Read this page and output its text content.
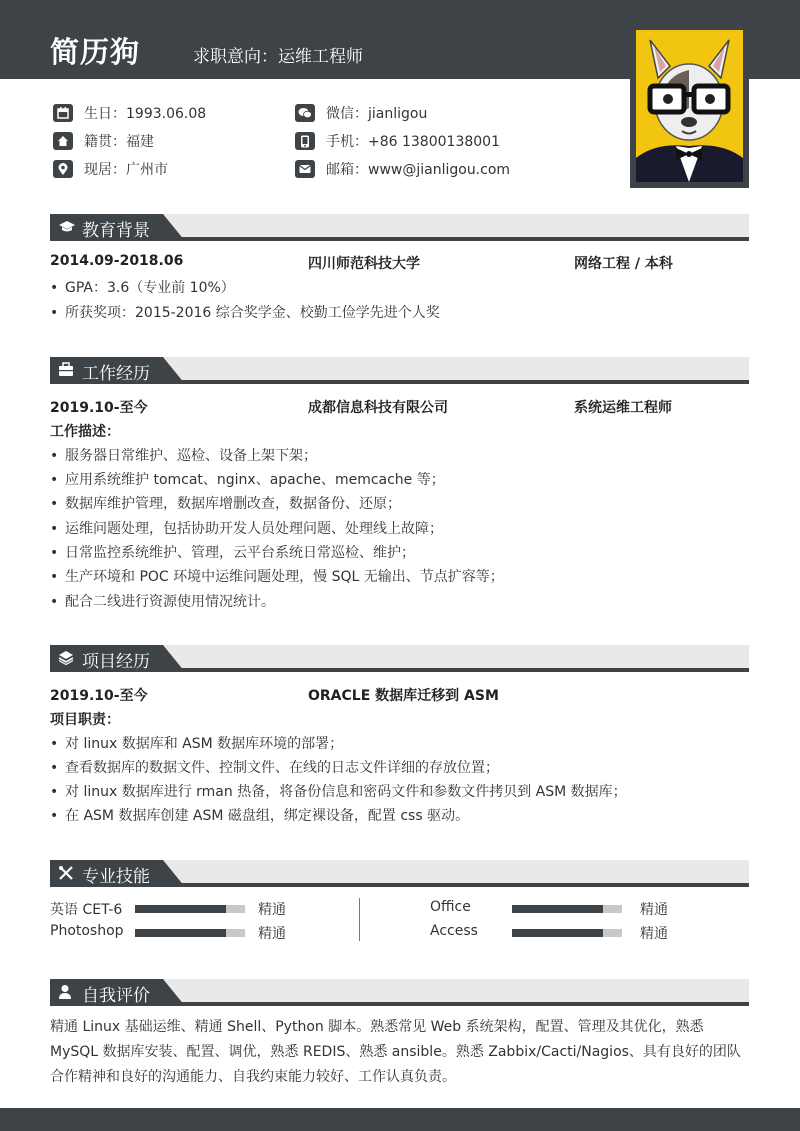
简历狗	求职意向：运维工程师
生日：1993.06.08
籍贯：福建
现居：广州市
微信：jianligou
手机：+86 13800138001
邮箱：www@jianligou.com
教育背景
2014.09-2018.06	四川师范科技大学	网络工程 / 本科
• GPA：3.6（专业前 10%）
• 所获奖项：2015-2016 综合奖学金、校勤工俭学先进个人奖
工作经历
2019.10-至今	成都信息科技有限公司	系统运维工程师
工作描述：
• 服务器日常维护、巡检、设备上架下架；
• 应用系统维护 tomcat、nginx、apache、memcache 等；
• 数据库维护管理，数据库增删改查，数据备份、还原；
• 运维问题处理，包括协助开发人员处理问题、处理线上故障；
• 日常监控系统维护、管理，云平台系统日常巡检、维护；
• 生产环境和 POC 环境中运维问题处理，慢 SQL 无输出、节点扩容等；
• 配合二线进行资源使用情况统计。
项目经历
2019.10-至今	ORACLE 数据库迁移到 ASM
项目职责：
• 对 linux 数据库和 ASM 数据库环境的部署；
• 查看数据库的数据文件、控制文件、在线的日志文件详细的存放位置；
• 对 linux 数据库进行 rman 热备，将备份信息和密码文件和参数文件拷贝到 ASM 数据库；
• 在 ASM 数据库创建 ASM 磁盘组，绑定裸设备，配置 css 驱动。
专业技能
英语 CET-6	精通
Photoshop	精通
Office	精通
Access	精通
自我评价
精通 Linux 基础运维、精通 Shell、Python 脚本。熟悉常见 Web 系统架构，配置、管理及其优化，熟悉 MySQL 数据库安装、配置、调优，熟悉 REDIS、熟悉 ansible。熟悉 Zabbix/Cacti/Nagios、具有良好的团队合作精神和良好的沟通能力、自我约束能力较好、工作认真负责。
